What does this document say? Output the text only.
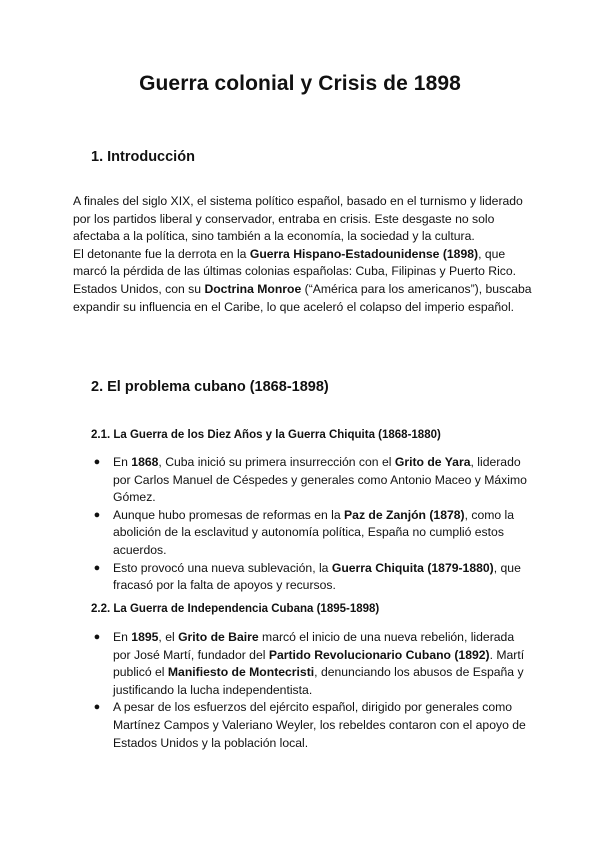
Guerra colonial y Crisis de 1898
1. Introducción

A finales del siglo XIX, el sistema político español, basado en el turnismo y liderado por los partidos liberal y conservador, entraba en crisis. Este desgaste no solo afectaba a la política, sino también a la economía, la sociedad y la cultura.

El detonante fue la derrota en la Guerra Hispano-Estadounidense (1898), que marcó la pérdida de las últimas colonias españolas: Cuba, Filipinas y Puerto Rico. Estados Unidos, con su Doctrina Monroe (“América para los americanos”), buscaba expandir su influencia en el Caribe, lo que aceleró el colapso del imperio español.

2. El problema cubano (1868-1898)
2.1. La Guerra de los Diez Años y la Guerra Chiquita (1868-1880)
● En 1868, Cuba inició su primera insurrección con el Grito de Yara, liderado por Carlos Manuel de Céspedes y generales como Antonio Maceo y Máximo Gómez.
● Aunque hubo promesas de reformas en la Paz de Zanjón (1878), como la abolición de la esclavitud y autonomía política, España no cumplió estos acuerdos.
● Esto provocó una nueva sublevación, la Guerra Chiquita (1879-1880), que fracasó por la falta de apoyos y recursos.
2.2. La Guerra de Independencia Cubana (1895-1898)
● En 1895, el Grito de Baire marcó el inicio de una nueva rebelión, liderada por José Martí, fundador del Partido Revolucionario Cubano (1892). Martí publicó el Manifiesto de Montecristi, denunciando los abusos de España y justificando la lucha independentista.
● A pesar de los esfuerzos del ejército español, dirigido por generales como Martínez Campos y Valeriano Weyler, los rebeldes contaron con el apoyo de Estados Unidos y la población local.
